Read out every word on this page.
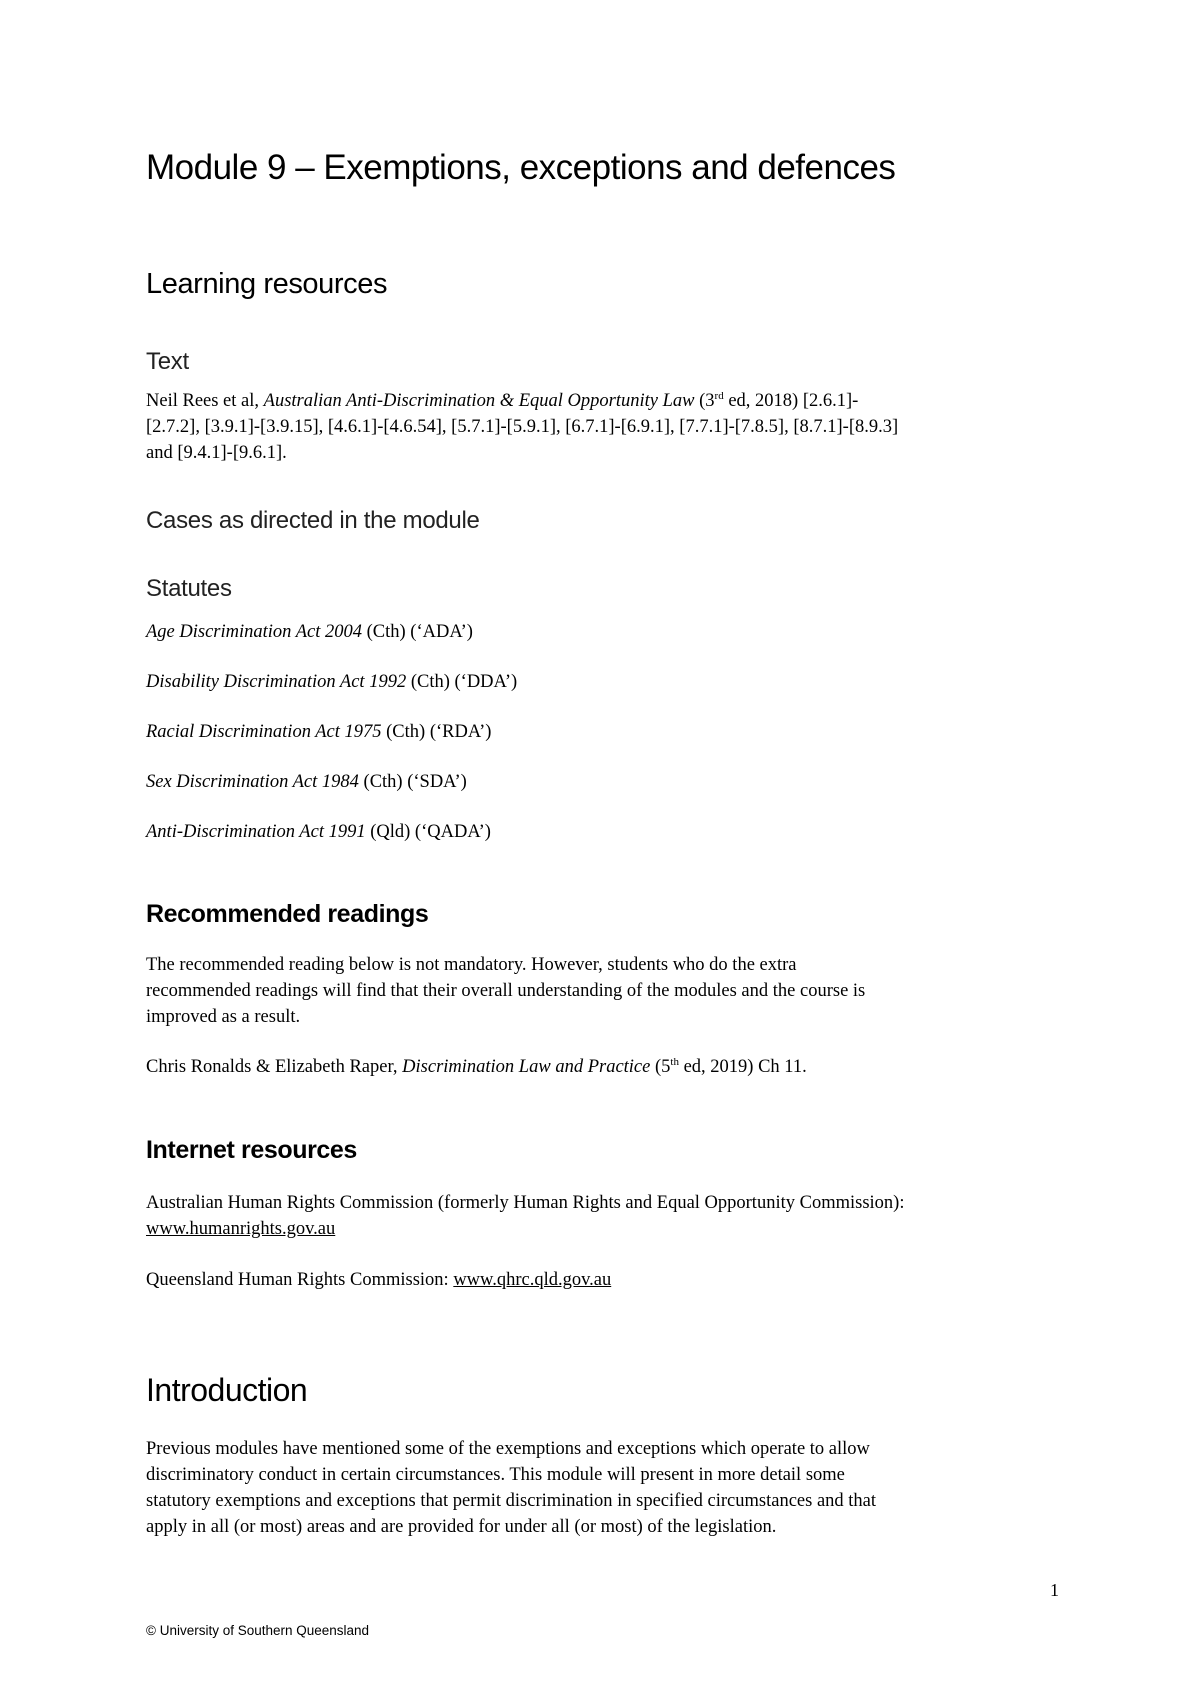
Module 9 – Exemptions, exceptions and defences
Learning resources
Text
Neil Rees et al, Australian Anti-Discrimination & Equal Opportunity Law (3rd ed, 2018) [2.6.1]-
[2.7.2], [3.9.1]-[3.9.15], [4.6.1]-[4.6.54], [5.7.1]-[5.9.1], [6.7.1]-[6.9.1], [7.7.1]-[7.8.5], [8.7.1]-[8.9.3]
and [9.4.1]-[9.6.1].
Cases as directed in the module
Statutes
Age Discrimination Act 2004 (Cth) (‘ADA’)
Disability Discrimination Act 1992 (Cth) (‘DDA’)
Racial Discrimination Act 1975 (Cth) (‘RDA’)
Sex Discrimination Act 1984 (Cth) (‘SDA’)
Anti-Discrimination Act 1991 (Qld) (‘QADA’)
Recommended readings
The recommended reading below is not mandatory. However, students who do the extra
recommended readings will find that their overall understanding of the modules and the course is
improved as a result.
Chris Ronalds & Elizabeth Raper, Discrimination Law and Practice (5th ed, 2019) Ch 11.
Internet resources
Australian Human Rights Commission (formerly Human Rights and Equal Opportunity Commission):
www.humanrights.gov.au
Queensland Human Rights Commission: www.qhrc.qld.gov.au
Introduction
Previous modules have mentioned some of the exemptions and exceptions which operate to allow
discriminatory conduct in certain circumstances. This module will present in more detail some
statutory exemptions and exceptions that permit discrimination in specified circumstances and that
apply in all (or most) areas and are provided for under all (or most) of the legislation.
1
© University of Southern Queensland
